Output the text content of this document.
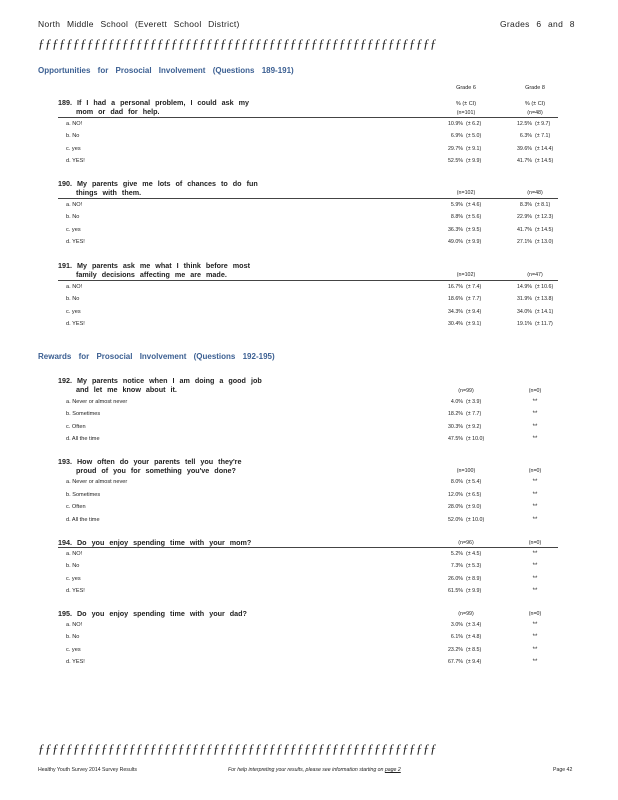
North Middle School (Everett School District)	Grades 6 and 8
ƒƒƒƒƒƒƒƒƒƒƒƒƒƒƒƒƒƒƒƒƒƒƒƒƒƒƒƒƒƒƒƒƒƒƒƒƒƒƒƒƒƒƒƒƒƒƒƒƒƒƒƒƒƒƒƒƒ
Opportunities for Prosocial Involvement (Questions 189-191)
Grade 6	Grade 8
% (± CI)	% (± CI)
189. If I had a personal problem, I could ask my
mom or dad for help.	(n=101)	(n=48)
a. NO!	10.9% (± 6.2)	12.5% (± 9.7)
b. No	6.9% (± 5.0)	6.3% (± 7.1)
c. yes	29.7% (± 9.1)	39.6% (± 14.4)
d. YES!	52.5% (± 9.9)	41.7% (± 14.5)
190. My parents give me lots of chances to do fun
things with them.	(n=102)	(n=48)
a. NO!	5.9% (± 4.6)	8.3% (± 8.1)
b. No	8.8% (± 5.6)	22.9% (± 12.3)
c. yes	36.3% (± 9.5)	41.7% (± 14.5)
d. YES!	49.0% (± 9.9)	27.1% (± 13.0)
191. My parents ask me what I think before most
family decisions affecting me are made.	(n=102)	(n=47)
a. NO!	16.7% (± 7.4)	14.9% (± 10.6)
b. No	18.6% (± 7.7)	31.9% (± 13.8)
c. yes	34.3% (± 9.4)	34.0% (± 14.1)
d. YES!	30.4% (± 9.1)	19.1% (± 11.7)
Rewards for Prosocial Involvement (Questions 192-195)
192. My parents notice when I am doing a good job
and let me know about it.	(n=99)	(n=0)
a. Never or almost never	4.0% (± 3.9)	**
b. Sometimes	18.2% (± 7.7)	**
c. Often	30.3% (± 9.2)	**
d. All the time	47.5% (± 10.0)	**
193. How often do your parents tell you they're
proud of you for something you've done?	(n=100)	(n=0)
a. Never or almost never	8.0% (± 5.4)	**
b. Sometimes	12.0% (± 6.5)	**
c. Often	28.0% (± 9.0)	**
d. All the time	52.0% (± 10.0)	**
194. Do you enjoy spending time with your mom?	(n=96)	(n=0)
a. NO!	5.2% (± 4.5)	**
b. No	7.3% (± 5.3)	**
c. yes	26.0% (± 8.9)	**
d. YES!	61.5% (± 9.9)	**
195. Do you enjoy spending time with your dad?	(n=99)	(n=0)
a. NO!	3.0% (± 3.4)	**
b. No	6.1% (± 4.8)	**
c. yes	23.2% (± 8.5)	**
d. YES!	67.7% (± 9.4)	**
ƒƒƒƒƒƒƒƒƒƒƒƒƒƒƒƒƒƒƒƒƒƒƒƒƒƒƒƒƒƒƒƒƒƒƒƒƒƒƒƒƒƒƒƒƒƒƒƒƒƒƒƒƒƒƒƒƒ
Healthy Youth Survey 2014 Survey Results	For help interpreting your results, please see information starting on page 2	Page 42
